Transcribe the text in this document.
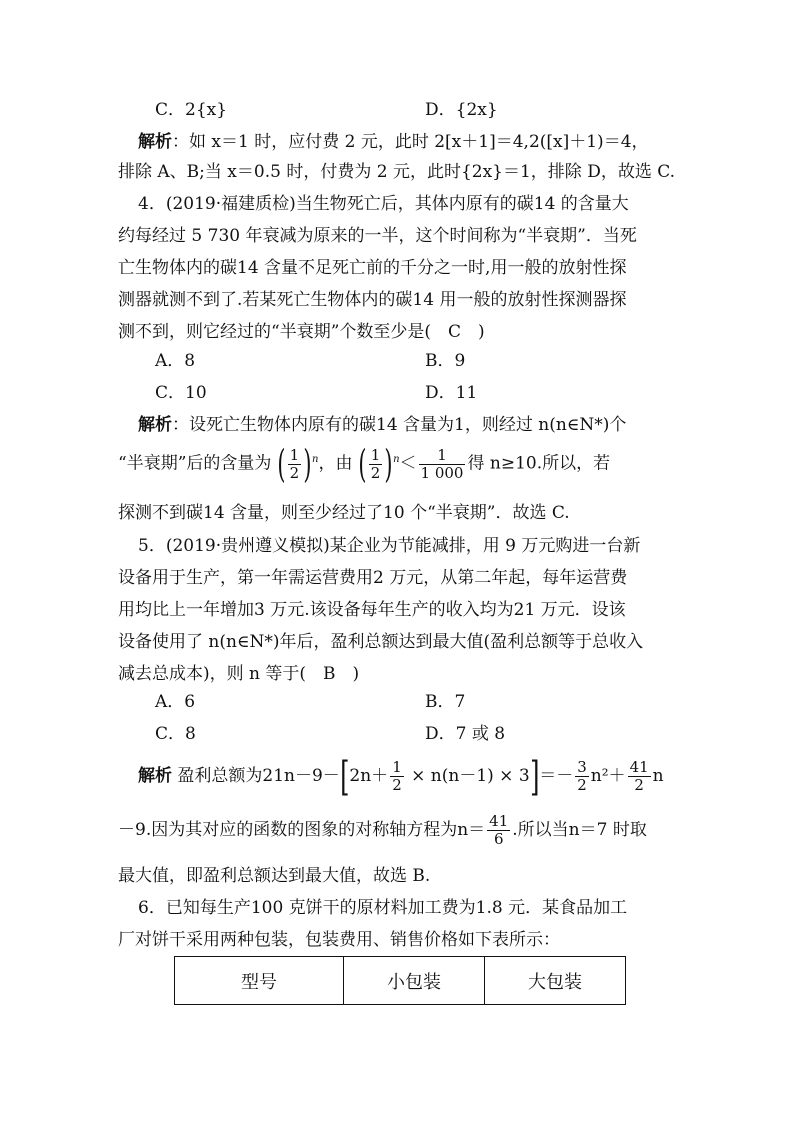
C．2{x}	D．{2x}
解析：如 x＝1 时，应付费 2 元，此时 2[x＋1]＝4,2([x]＋1)＝4，
排除 A、B;当 x＝0.5 时，付费为 2 元，此时{2x}＝1，排除 D，故选 C.
4．(2019·福建质检)当生物死亡后，其体内原有的碳14 的含量大
约每经过 5 730 年衰减为原来的一半，这个时间称为“半衰期”．当死
亡生物体内的碳14 含量不足死亡前的千分之一时,用一般的放射性探
测器就测不到了.若某死亡生物体内的碳14 用一般的放射性探测器探
测不到，则它经过的“半衰期”个数至少是(　C　)
A．8	B．9
C．10	D．11
解析：设死亡生物体内原有的碳14 含量为1，则经过 n(n∈N*)个
“半衰期”后的含量为 ( $\frac{1}{2} )^n$，由 ( $\frac{1}{2} )^n< \frac{1}{1 000}$ 得 n≥10.所以，若
探测不到碳14 含量，则至少经过了10 个“半衰期”．故选 C.
5．(2019·贵州遵义模拟)某企业为节能减排，用 9 万元购进一台新
设备用于生产，第一年需运营费用2 万元，从第二年起，每年运营费
用均比上一年增加3 万元.该设备每年生产的收入均为21 万元．设该
设备使用了 n(n∈N*)年后，盈利总额达到最大值(盈利总额等于总收入
减去总成本)，则 n 等于(　B　)
A．6	B．7
C．8	D．7 或 8
解析 盈利总额为$21n-9-[2n+ \frac{1}{2} \times n(n-1) \times 3]=- \frac{3}{2} n^2+ \frac{41}{2}$ n
－9.因为其对应的函数的图象的对称轴方程为$n= \frac{41}{6}$ .所以当n＝7 时取
最大值，即盈利总额达到最大值，故选 B.
6．已知每生产100 克饼干的原材料加工费为1.8 元．某食品加工
厂对饼干采用两种包装，包装费用、销售价格如下表所示：
型号	小包装	大包装
